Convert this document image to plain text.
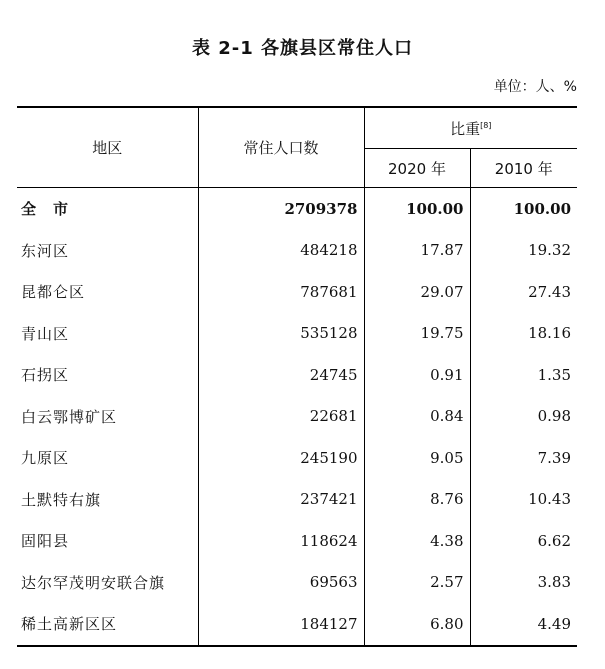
表 2-1 各旗县区常住人口
单位：人、%
地区	常住人口数	比重[8]
		2020 年	2010 年
全　市	2709378	100.00	100.00
东河区	484218	17.87	19.32
昆都仑区	787681	29.07	27.43
青山区	535128	19.75	18.16
石拐区	24745	0.91	1.35
白云鄂博矿区	22681	0.84	0.98
九原区	245190	9.05	7.39
土默特右旗	237421	8.76	10.43
固阳县	118624	4.38	6.62
达尔罕茂明安联合旗	69563	2.57	3.83
稀土高新区区	184127	6.80	4.49
